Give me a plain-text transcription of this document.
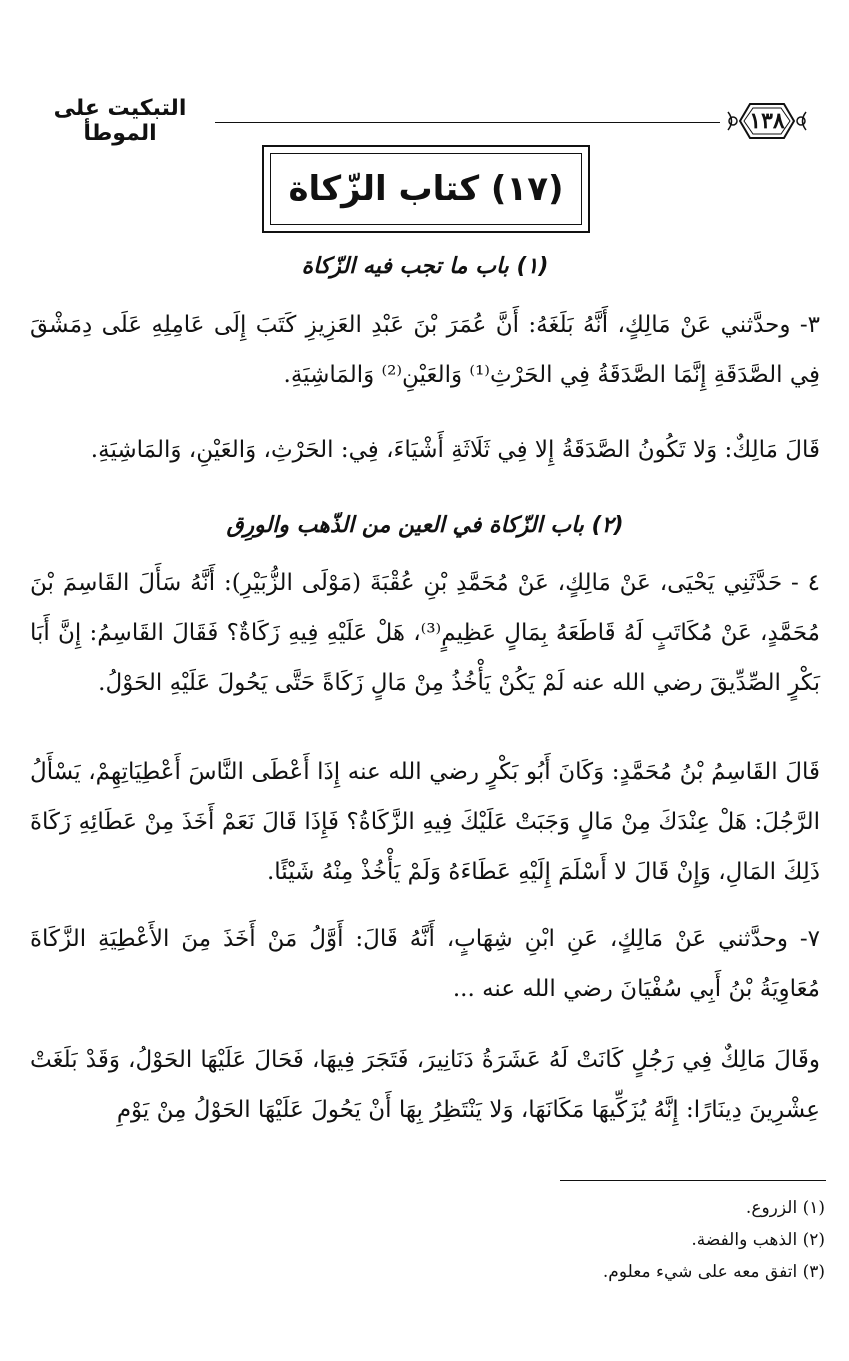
١٣٨
التبكيت على الموطأ
(١٧) كتاب الزّكاة
(١) باب ما تجب فيه الزّكاة
٣- وحدَّثني عَنْ مَالِكٍ، أَنَّهُ بَلَغَهُ: أَنَّ عُمَرَ بْنَ عَبْدِ العَزِيزِ كَتَبَ إِلَى عَامِلِهِ عَلَى دِمَشْقَ فِي الصَّدَقَةِ إِنَّمَا الصَّدَقَةُ فِي الحَرْثِ⁽¹⁾ وَالعَيْنِ⁽²⁾ وَالمَاشِيَةِ.
قَالَ مَالِكٌ: وَلا تَكُونُ الصَّدَقَةُ إِلا فِي ثَلَاثَةِ أَشْيَاءَ، فِي: الحَرْثِ، وَالعَيْنِ، وَالمَاشِيَةِ.
(٢) باب الزّكاة في العين من الذّهب والورِق
٤ - حَدَّثَنِي يَحْيَى، عَنْ مَالِكٍ، عَنْ مُحَمَّدِ بْنِ عُقْبَةَ (مَوْلَى الزُّبَيْرِ): أَنَّهُ سَأَلَ القَاسِمَ بْنَ مُحَمَّدٍ، عَنْ مُكَاتَبٍ لَهُ قَاطَعَهُ بِمَالٍ عَظِيمٍ⁽³⁾، هَلْ عَلَيْهِ فِيهِ زَكَاةٌ؟ فَقَالَ القَاسِمُ: إِنَّ أَبَا بَكْرٍ الصِّدِّيقَ رضي الله عنه لَمْ يَكُنْ يَأْخُذُ مِنْ مَالٍ زَكَاةً حَتَّى يَحُولَ عَلَيْهِ الحَوْلُ.
قَالَ القَاسِمُ بْنُ مُحَمَّدٍ: وَكَانَ أَبُو بَكْرٍ رضي الله عنه إِذَا أَعْطَى النَّاسَ أَعْطِيَاتِهِمْ، يَسْأَلُ الرَّجُلَ: هَلْ عِنْدَكَ مِنْ مَالٍ وَجَبَتْ عَلَيْكَ فِيهِ الزَّكَاةُ؟ فَإِذَا قَالَ نَعَمْ أَخَذَ مِنْ عَطَائِهِ زَكَاةَ ذَلِكَ المَالِ، وَإِنْ قَالَ لا أَسْلَمَ إِلَيْهِ عَطَاءَهُ وَلَمْ يَأْخُذْ مِنْهُ شَيْئًا.
٧- وحدَّثني عَنْ مَالِكٍ، عَنِ ابْنِ شِهَابٍ، أَنَّهُ قَالَ: أَوَّلُ مَنْ أَخَذَ مِنَ الأَعْطِيَةِ الزَّكَاةَ مُعَاوِيَةُ بْنُ أَبِي سُفْيَانَ رضي الله عنه ...
وقَالَ مَالِكٌ فِي رَجُلٍ كَانَتْ لَهُ عَشَرَةُ دَنَانِيرَ، فَتَجَرَ فِيهَا، فَحَالَ عَلَيْهَا الحَوْلُ، وَقَدْ بَلَغَتْ عِشْرِينَ دِينَارًا: إِنَّهُ يُزَكِّيهَا مَكَانَهَا، وَلا يَنْتَظِرُ بِهَا أَنْ يَحُولَ عَلَيْهَا الحَوْلُ مِنْ يَوْمِ
(١) الزروع.
(٢) الذهب والفضة.
(٣) اتفق معه على شيء معلوم.
